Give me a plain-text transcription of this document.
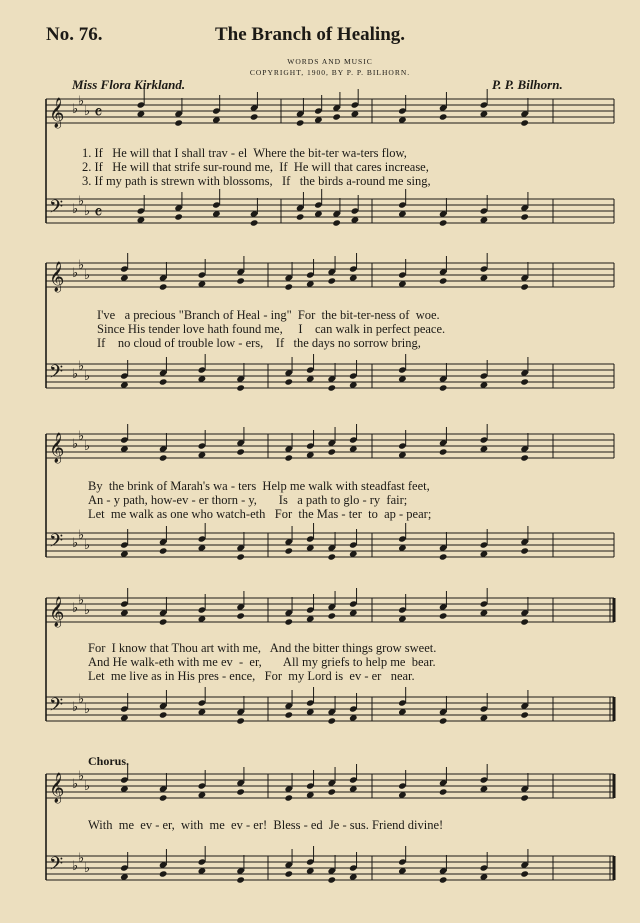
No. 76.	The Branch of Healing.
WORDS AND MUSIC
COPYRIGHT, 1900, BY P. P. BILHORN.
Miss Flora Kirkland.	P. P. Bilhorn.
𝄞 ♭
♭
♭ 𝄴
𝄢 ♭
♭
♭ 𝄴
𝄞 ♭
♭
♭
𝄢 ♭
♭
♭
𝄞 ♭
♭
♭
𝄢 ♭
♭
♭
𝄞 ♭
♭
♭
𝄢 ♭
♭
♭
𝄞 ♭
♭
♭
𝄢 ♭
♭
♭
1. If   He will that I shall trav - el  Where the bit-ter wa-ters flow,
2. If   He will that strife sur-round me,  If  He will that cares increase,
3. If my path is strewn with blossoms,   If   the birds a-round me sing,
I've   a precious "Branch of Heal - ing"  For  the bit-ter-ness of  woe.
Since His tender love hath found me,     I    can walk in perfect peace.
If    no cloud of trouble low - ers,    If   the days no sorrow bring,
By  the brink of Marah's wa - ters  Help me walk with steadfast feet,
An - y path, how-ev - er thorn - y,       Is   a path to glo - ry  fair;
Let  me walk as one who watch-eth   For  the Mas - ter  to  ap - pear;
For  I know that Thou art with me,   And the bitter things grow sweet.
And He walk-eth with me ev  -  er,       All my griefs to help me  bear.
Let  me live as in His pres - ence,   For  my Lord is  ev - er   near.
Chorus.
With  me  ev - er,  with  me  ev - er!  Bless - ed  Je - sus. Friend divine!
